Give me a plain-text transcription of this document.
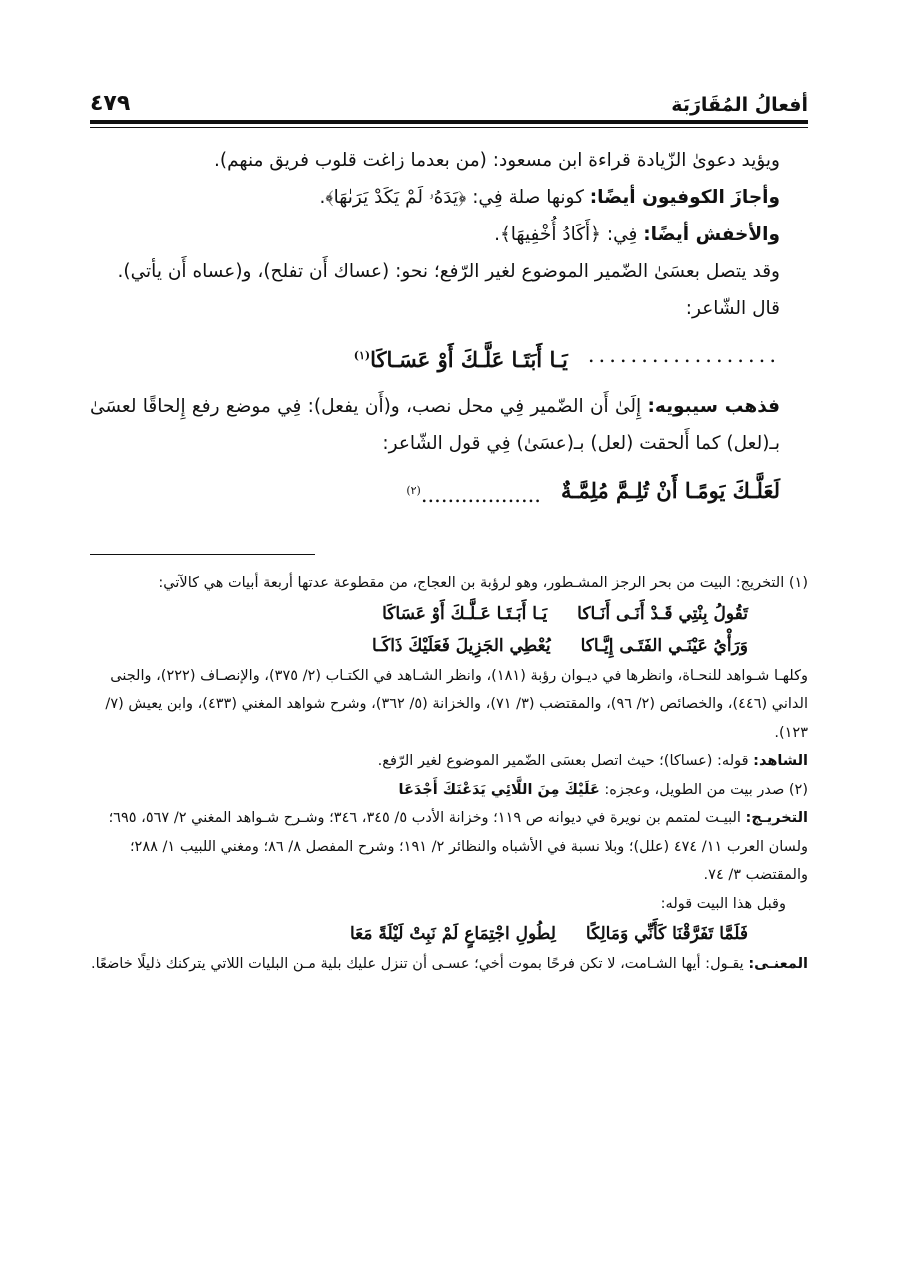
أفعالُ المُقَارَبَة
٤٧٩

ويؤيد دعوىٰ الزّيادة قراءة ابن مسعود: (من بعدما زاغت قلوب فريق منهم).

وأجازَ الكوفيون أيضًا: كونها صلة فِي: ﴿يَدَهُۥ لَمْ يَكَدْ يَرَىٰهَا﴾.

والأخفش أيضًا: فِي: ﴿أَكَادُ أُخْفِيهَا﴾.

وقد يتصل بعسَىٰ الضّمير الموضوع لغير الرّفع؛ نحو: (عساك أَن تفلح)، و(عساه أَن يأتي).

قال الشّاعر:

..................
يَـا أَبَتَـا عَلَّـكَ أَوْ عَسَـاكَا$^{(١)}$

فذهب سيبويه: إِلَىٰ أَن الضّمير فِي محل نصب، و(أَن يفعل): فِي موضع رفع إِلحاقًا لعسَىٰ بـ(لعل) كما أَلحقت (لعل) بـ(عسَىٰ) فِي قول الشّاعر:

لَعَلَّـكَ يَومًـا أَنْ تُلِـمَّ مُلِمَّـةٌ
..................$^{(٢)}$

(١) التخريج: البيت من بحر الرجز المشـطور، وهو لرؤبة بن العجاج، من مقطوعة عدتها أربعة أبيات هي كالآتي:

تَقُولُ بِنْتِي قَـدْ أَنَـى أَنَـاكا
يَـا أَبَـتَـا عَـلَّـكَ أَوْ عَسَاكَا
وَرَأْيُ عَيْنَـي الفَتَـى إِيَّـاكا
يُعْطِي الجَزِيلَ فَعَلَيْكَ ذَاكَـا

وكلهـا شـواهد للنحـاة، وانظرها في ديـوان رؤبة (١٨١)، وانظر الشـاهد في الكتـاب (٢/ ٣٧٥)، والإنصـاف (٢٢٢)، والجنى الداني (٤٤٦)، والخصائص (٢/ ٩٦)، والمقتضب (٣/ ٧١)، والخزانة (٥/ ٣٦٢)، وشرح شواهد المغني (٤٣٣)، وابن يعيش (٧/ ١٢٣).

الشاهد: قوله: (عساكا)؛ حيث اتصل بعسَى الضّمير الموضوع لغير الرّفع.

(٢) صدر بيت من الطويل، وعجزه: عَلَيْكَ مِنَ اللَّائِي يَدَعْنَكَ أَجْدَعَا

التخريـج: البيـت لمتمم بن نويرة في ديوانه ص ١١٩؛ وخزانة الأدب ٥/ ٣٤٥، ٣٤٦؛ وشـرح شـواهد المغني ٢/ ٥٦٧، ٦٩٥؛ ولسان العرب ١١/ ٤٧٤ (علل)؛ وبلا نسبة في الأشباه والنظائر ٢/ ١٩١؛ وشرح المفصل ٨/ ٨٦؛ ومغني اللبيب ١/ ٢٨٨؛ والمقتضب ٣/ ٧٤.

وقبل هذا البيت قوله:

فَلَمَّا تَفَرَّقْنَا كَأَنِّي وَمَالِكًا
لِطُولِ اجْتِمَاعٍ لَمْ نَبِتْ لَيْلَةً مَعَا

المعنـى: يقـول: أيها الشـامت، لا تكن فرحًا بموت أخي؛ عسـى أن تنزل عليك بلية مـن البليات اللاتي يتركنك ذليلًا خاضعًا.
